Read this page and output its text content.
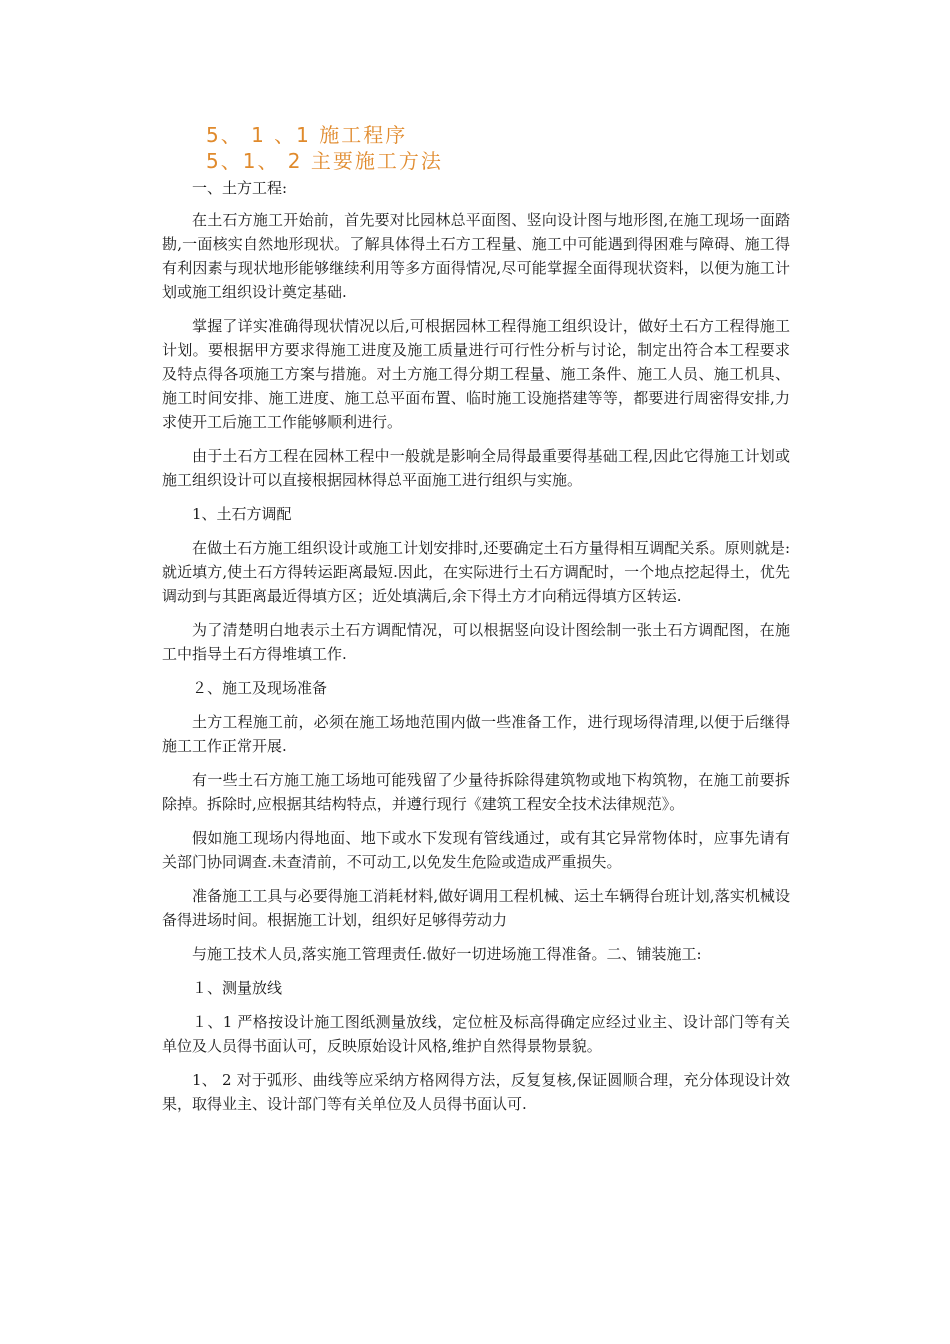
5、 1 、1 施工程序
5、1、 2 主要施工方法

一、土方工程:

在土石方施工开始前，首先要对比园林总平面图、竖向设计图与地形图,在施工现场一面踏勘,一面核实自然地形现状。了解具体得土石方工程量、施工中可能遇到得困难与障碍、施工得有利因素与现状地形能够继续利用等多方面得情况,尽可能掌握全面得现状资料，以便为施工计划或施工组织设计奠定基础.

掌握了详实准确得现状情况以后,可根据园林工程得施工组织设计，做好土石方工程得施工计划。要根据甲方要求得施工进度及施工质量进行可行性分析与讨论，制定出符合本工程要求及特点得各项施工方案与措施。对土方施工得分期工程量、施工条件、施工人员、施工机具、施工时间安排、施工进度、施工总平面布置、临时施工设施搭建等等，都要进行周密得安排,力求使开工后施工工作能够顺利进行。

由于土石方工程在园林工程中一般就是影响全局得最重要得基础工程,因此它得施工计划或施工组织设计可以直接根据园林得总平面施工进行组织与实施。

1、土石方调配

在做土石方施工组织设计或施工计划安排时,还要确定土石方量得相互调配关系。原则就是:就近填方,使土石方得转运距离最短.因此，在实际进行土石方调配时，一个地点挖起得土，优先调动到与其距离最近得填方区；近处填满后,余下得土方才向稍远得填方区转运.

为了清楚明白地表示土石方调配情况，可以根据竖向设计图绘制一张土石方调配图，在施工中指导土石方得堆填工作.

２、施工及现场准备

土方工程施工前，必须在施工场地范围内做一些准备工作，进行现场得清理,以便于后继得施工工作正常开展.

有一些土石方施工施工场地可能残留了少量待拆除得建筑物或地下构筑物，在施工前要拆除掉。拆除时,应根据其结构特点，并遵行现行《建筑工程安全技术法律规范》。

假如施工现场内得地面、地下或水下发现有管线通过，或有其它异常物体时，应事先请有关部门协同调查.未查清前，不可动工,以免发生危险或造成严重损失。

准备施工工具与必要得施工消耗材料,做好调用工程机械、运土车辆得台班计划,落实机械设备得进场时间。根据施工计划，组织好足够得劳动力

与施工技术人员,落实施工管理责任.做好一切进场施工得准备。二、铺装施工:

１、测量放线

１、1 严格按设计施工图纸测量放线，定位桩及标高得确定应经过业主、设计部门等有关单位及人员得书面认可，反映原始设计风格,维护自然得景物景貌。

1、 2 对于弧形、曲线等应采纳方格网得方法，反复复核,保证圆顺合理，充分体现设计效果，取得业主、设计部门等有关单位及人员得书面认可.
